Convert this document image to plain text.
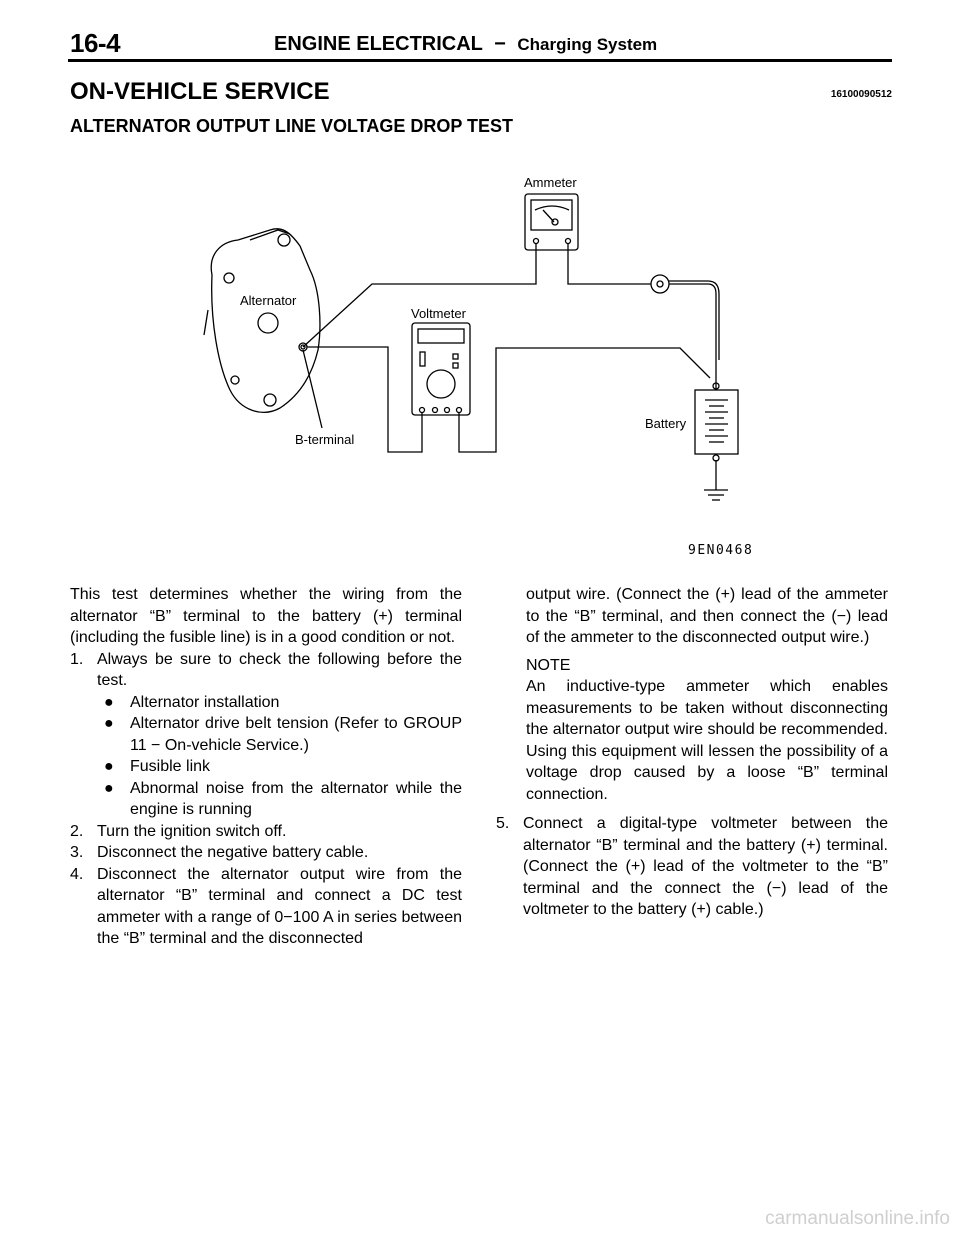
16-4	ENGINE ELECTRICAL − Charging System
ON-VEHICLE SERVICE	16100090512
ALTERNATOR OUTPUT LINE VOLTAGE DROP TEST
Ammeter
Alternator
Voltmeter
Battery
B-terminal
9EN0468

This test determines whether the wiring from the alternator “B” terminal to the battery (+) terminal (including the fusible line) is in a good condition or not.

1. Always be sure to check the following before the test.
● Alternator installation
● Alternator drive belt tension (Refer to GROUP 11 − On-vehicle Service.)
● Fusible link
● Abnormal noise from the alternator while the engine is running
2. Turn the ignition switch off.
3. Disconnect the negative battery cable.
4. Disconnect the alternator output wire from the alternator “B” terminal and connect a DC test ammeter with a range of 0−100 A in series between the “B” terminal and the disconnected
output wire. (Connect the (+) lead of the ammeter to the “B” terminal, and then connect the (−) lead of the ammeter to the disconnected output wire.)
NOTE
An inductive-type ammeter which enables measurements to be taken without disconnecting the alternator output wire should be recommended. Using this equipment will lessen the possibility of a voltage drop caused by a loose “B” terminal connection.
5. Connect a digital-type voltmeter between the alternator “B” terminal and the battery (+) terminal. (Connect the (+) lead of the voltmeter to the “B” terminal and the connect the (−) lead of the voltmeter to the battery (+) cable.)
carmanualsonline.info
